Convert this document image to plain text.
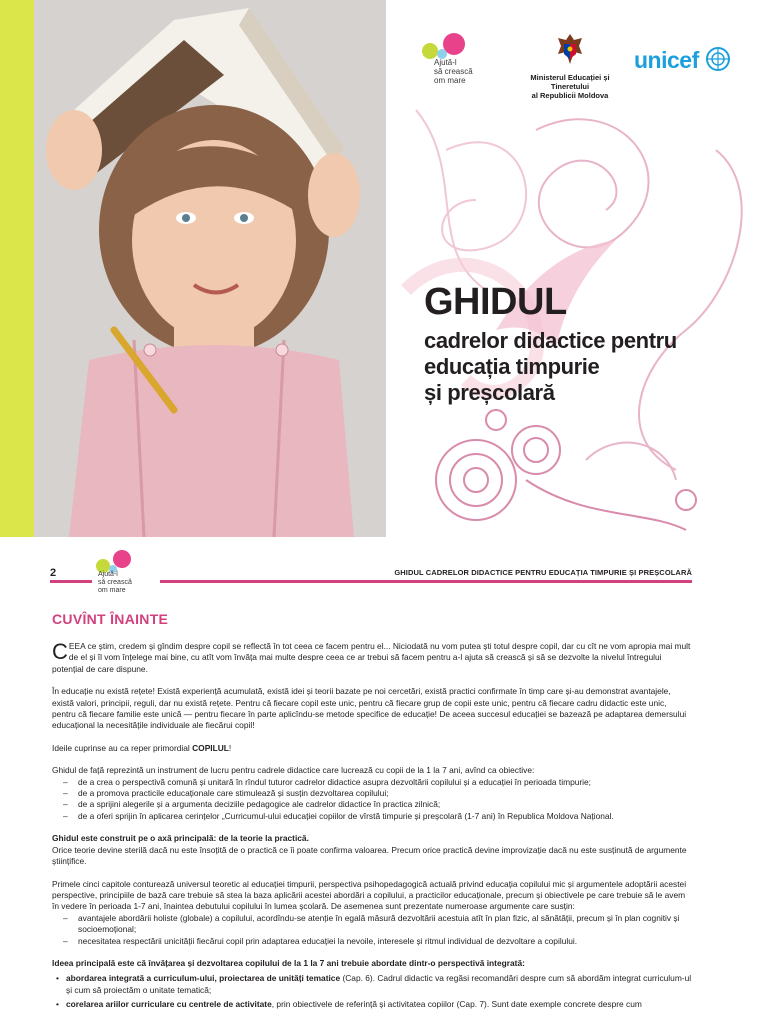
Ajută-l
să crească
om mare	Ministerul Educației și Tineretului
al Republicii Moldova
unicef
GHIDUL
cadrelor didactice pentru
educația timpurie
și preșcolară
2	Ajută-l
să crească
om mare
GHIDUL CADRELOR DIDACTICE PENTRU EDUCAȚIA TIMPURIE ȘI PREȘCOLARĂ
CUVÎNT ÎNAINTE

CEEA ce știm, credem și gîndim despre copil se reflectă în tot ceea ce facem pentru el... Niciodată nu vom putea ști totul despre copil, dar cu cît ne vom apropia mai mult de el și îl vom înțelege mai bine, cu atît vom învăța mai multe despre ceea ce ar trebui să facem pentru a-l ajuta să crească și să se dezvolte la nivelul întregului potențial de care dispune.

În educație nu există rețete! Există experiență acumulată, există idei și teorii bazate pe noi cercetări, există practici confirmate în timp care și-au demonstrat avantajele, există valori, principii, reguli, dar nu există rețete. Pentru că fiecare copil este unic, pentru că fiecare grup de copii este unic, pentru că fiecare cadru didactic este unic, pentru că fiecare familie este unică — pentru fiecare în parte aplicîndu-se metode specifice de educație! De aceea succesul educației se bazează pe adaptarea demersului educațional la necesitățile individuale ale fiecărui copil!

Ideile cuprinse au ca reper primordial COPILUL!

Ghidul de față reprezintă un instrument de lucru pentru cadrele didactice care lucrează cu copii de la 1 la 7 ani, avînd ca obiective:

– de a crea o perspectivă comună și unitară în rîndul tuturor cadrelor didactice asupra dezvoltării copilului și a educației în perioada timpurie;
– de a promova practicile educaționale care stimulează și susțin dezvoltarea copilului;
– de a sprijini alegerile și a argumenta deciziile pedagogice ale cadrelor didactice în practica zilnică;
– de a oferi sprijin în aplicarea cerințelor „Curricumul-ului educației copiilor de vîrstă timpurie și preșcolară (1-7 ani) în Republica Moldova Național.

Ghidul este construit pe o axă principală: de la teorie la practică.
Orice teorie devine sterilă dacă nu este însoțită de o practică ce îi poate confirma valoarea. Precum orice practică devine improvizație dacă nu este susținută de argumente științifice.

Primele cinci capitole conturează universul teoretic al educației timpurii, perspectiva psihopedagogică actuală privind educația copilului mic și argumentele adoptării acestei perspective, principiile de bază care trebuie să stea la baza aplicării acestei abordări a copilului, a practicilor educaționale, precum și obiectivele pe care trebuie să le avem în vedere în perioada 1-7 ani, înaintea debutului copilului în lumea școlară. De asemenea sunt prezentate numeroase argumente care susțin:

– avantajele abordării holiste (globale) a copilului, acordîndu-se atenție în egală măsură dezvoltării acestuia atît în plan fizic, al sănătății, precum și în plan cognitiv și socioemoțional;
– necesitatea respectării unicității fiecărui copil prin adaptarea educației la nevoile, interesele și ritmul individual de dezvoltare a copilului.

Ideea principală este că învățarea și dezvoltarea copilului de la 1 la 7 ani trebuie abordate dintr-o perspectivă integrată:

• abordarea integrată a curriculum-ului, proiectarea de unități tematice (Cap. 6). Cadrul didactic va regăsi recomandări despre cum să abordăm integrat curriculum-ul și cum să proiectăm o unitate tematică;
• corelarea ariilor curriculare cu centrele de activitate, prin obiectivele de referință și activitatea copiilor (Cap. 7). Sunt date exemple concrete despre cum
